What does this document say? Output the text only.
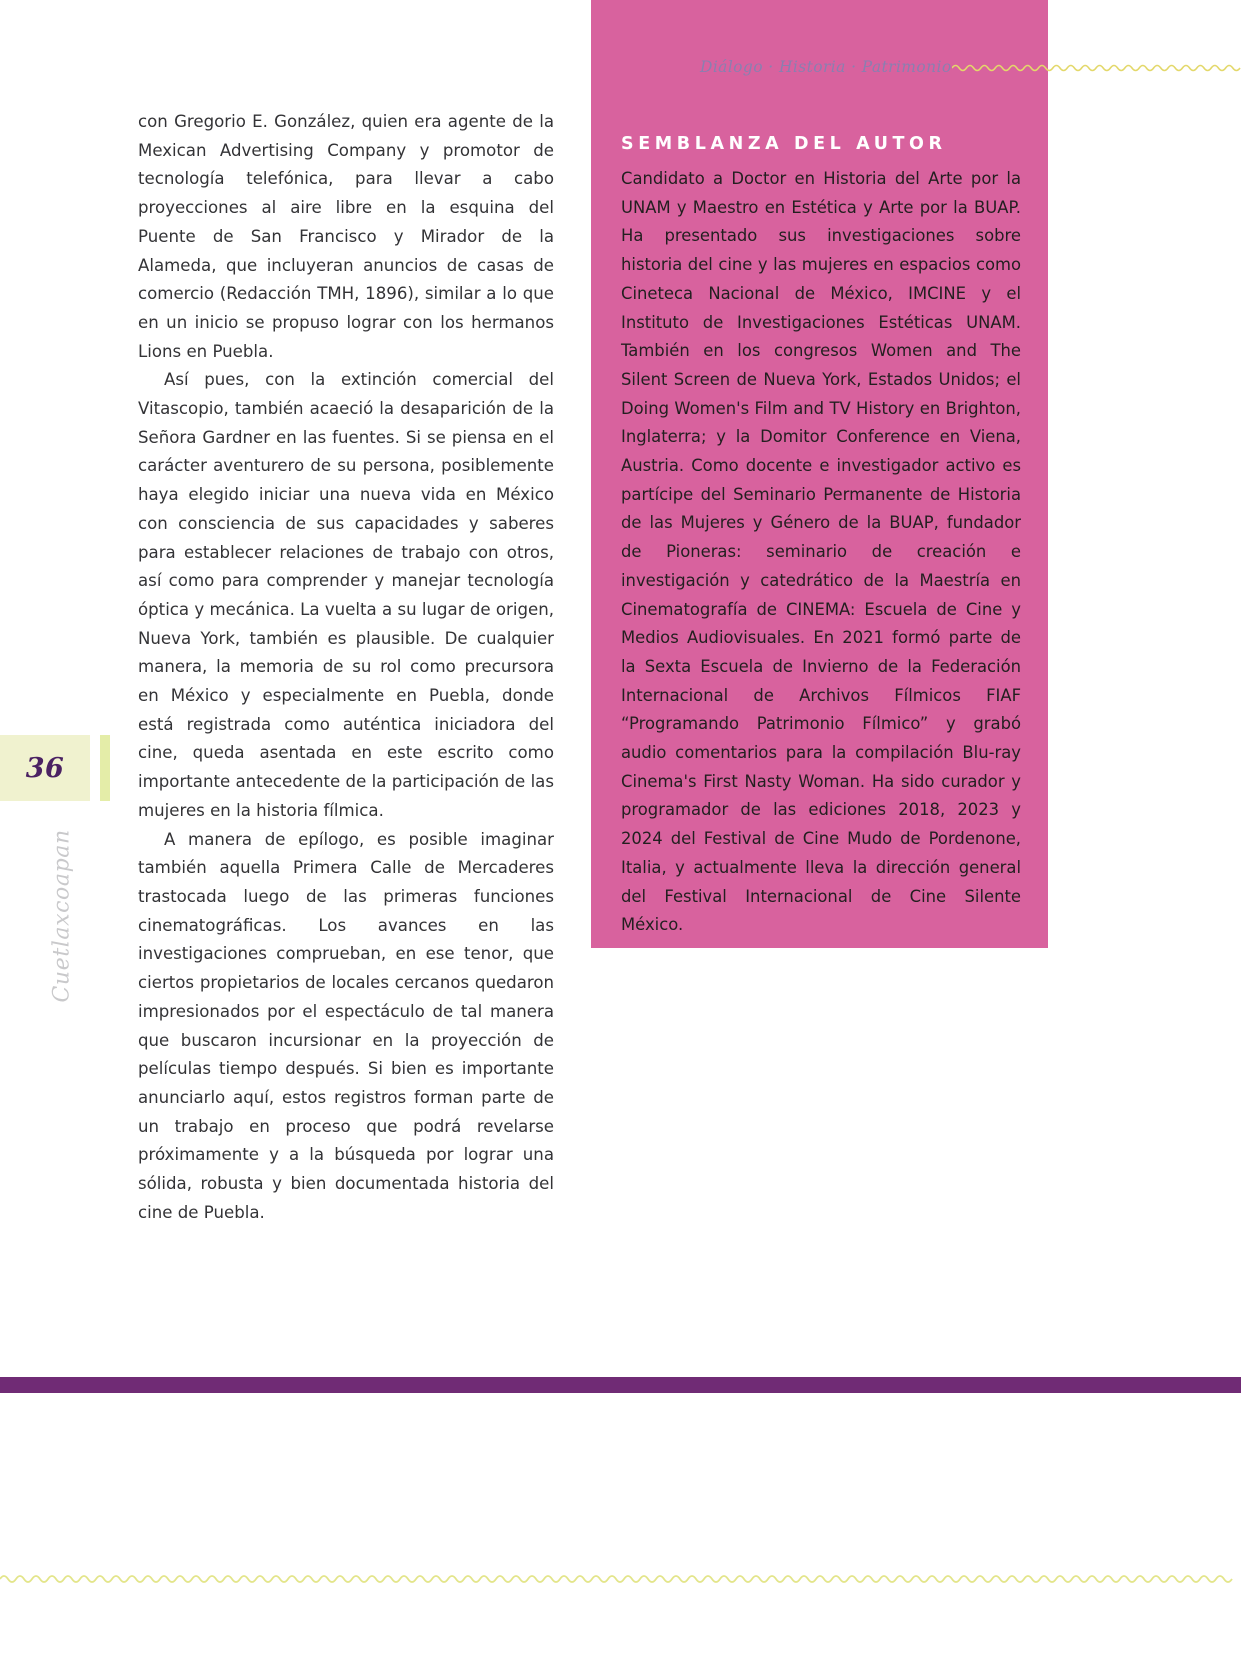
Diálogo · Historia · Patrimonio
SEMBLANZA DEL AUTOR

Candidato a Doctor en Historia del Arte por la UNAM y Maestro en Estética y Arte por la BUAP. Ha presentado sus investigaciones sobre historia del cine y las mujeres en espacios como Cineteca Nacional de México, IMCINE y el Instituto de Investigaciones Estéticas UNAM. También en los congresos Women and The Silent Screen de Nueva York, Estados Unidos; el Doing Women's Film and TV History en Brighton, Inglaterra; y la Domitor Conference en Viena, Austria. Como docente e investigador activo es partícipe del Seminario Permanente de Historia de las Mujeres y Género de la BUAP, fundador de Pioneras: seminario de creación e investigación y catedrático de la Maestría en Cinematografía de CINEMA: Escuela de Cine y Medios Audiovisuales. En 2021 formó parte de la Sexta Escuela de Invierno de la Federación Internacional de Archivos Fílmicos FIAF “Programando Patrimonio Fílmico” y grabó audio comentarios para la compilación Blu-ray Cinema's First Nasty Woman. Ha sido curador y programador de las ediciones 2018, 2023 y 2024 del Festival de Cine Mudo de Pordenone, Italia, y actualmente lleva la dirección general del Festival Internacional de Cine Silente México.

con Gregorio E. González, quien era agente de la Mexican Advertising Company y promotor de tecnología telefónica, para llevar a cabo proyecciones al aire libre en la esquina del Puente de San Francisco y Mirador de la Alameda, que incluyeran anuncios de casas de comercio (Redacción TMH, 1896), similar a lo que en un inicio se propuso lograr con los hermanos Lions en Puebla.

Así pues, con la extinción comercial del Vitascopio, también acaeció la desaparición de la Señora Gardner en las fuentes. Si se piensa en el carácter aventurero de su persona, posiblemente haya elegido iniciar una nueva vida en México con consciencia de sus capacidades y saberes para establecer relaciones de trabajo con otros, así como para comprender y manejar tecnología óptica y mecánica. La vuelta a su lugar de origen, Nueva York, también es plausible. De cualquier manera, la memoria de su rol como precursora en México y especialmente en Puebla, donde está registrada como auténtica iniciadora del cine, queda asentada en este escrito como importante antecedente de la participación de las mujeres en la historia fílmica.

A manera de epílogo, es posible imaginar también aquella Primera Calle de Mercaderes trastocada luego de las primeras funciones cinematográficas. Los avances en las investigaciones comprueban, en ese tenor, que ciertos propietarios de locales cercanos quedaron impresionados por el espectáculo de tal manera que buscaron incursionar en la proyección de películas tiempo después. Si bien es importante anunciarlo aquí, estos registros forman parte de un trabajo en proceso que podrá revelarse próximamente y a la búsqueda por lograr una sólida, robusta y bien documentada historia del cine de Puebla.

36
Cuetlaxcoapan
